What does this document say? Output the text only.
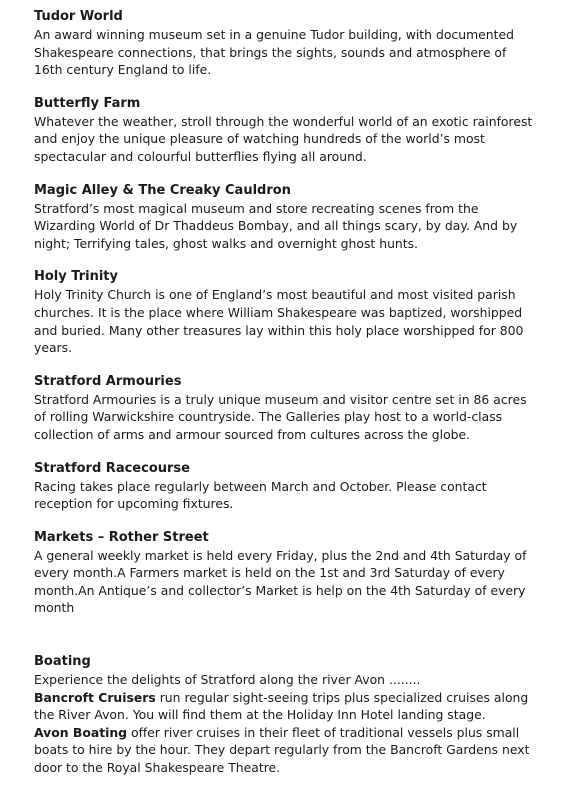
Tudor World

An award winning museum set in a genuine Tudor building, with documented Shakespeare connections, that brings the sights, sounds and atmosphere of 16th century England to life.

Butterfly Farm

Whatever the weather, stroll through the wonderful world of an exotic rainforest and enjoy the unique pleasure of watching hundreds of the world’s most spectacular and colourful butterflies flying all around.

Magic Alley & The Creaky Cauldron

Stratford’s most magical museum and store recreating scenes from the Wizarding World of Dr Thaddeus Bombay, and all things scary, by day. And by night; Terrifying tales, ghost walks and overnight ghost hunts.

Holy Trinity

Holy Trinity Church is one of England’s most beautiful and most visited parish churches. It is the place where William Shakespeare was baptized, worshipped and buried. Many other treasures lay within this holy place worshipped for 800 years.

Stratford Armouries

Stratford Armouries is a truly unique museum and visitor centre set in 86 acres of rolling Warwickshire countryside. The Galleries play host to a world-class collection of arms and armour sourced from cultures across the globe.

Stratford Racecourse

Racing takes place regularly between March and October. Please contact reception for upcoming fixtures.

Markets – Rother Street

A general weekly market is held every Friday, plus the 2nd and 4th Saturday of every month.A Farmers market is held on the 1st and 3rd Saturday of every month.An Antique’s and collector’s Market is help on the 4th Saturday of every month

Boating

Experience the delights of Stratford along the river Avon ........

Bancroft Cruisers run regular sight-seeing trips plus specialized cruises along the River Avon. You will find them at the Holiday Inn Hotel landing stage.

Avon Boating offer river cruises in their fleet of traditional vessels plus small boats to hire by the hour. They depart regularly from the Bancroft Gardens next door to the Royal Shakespeare Theatre.
